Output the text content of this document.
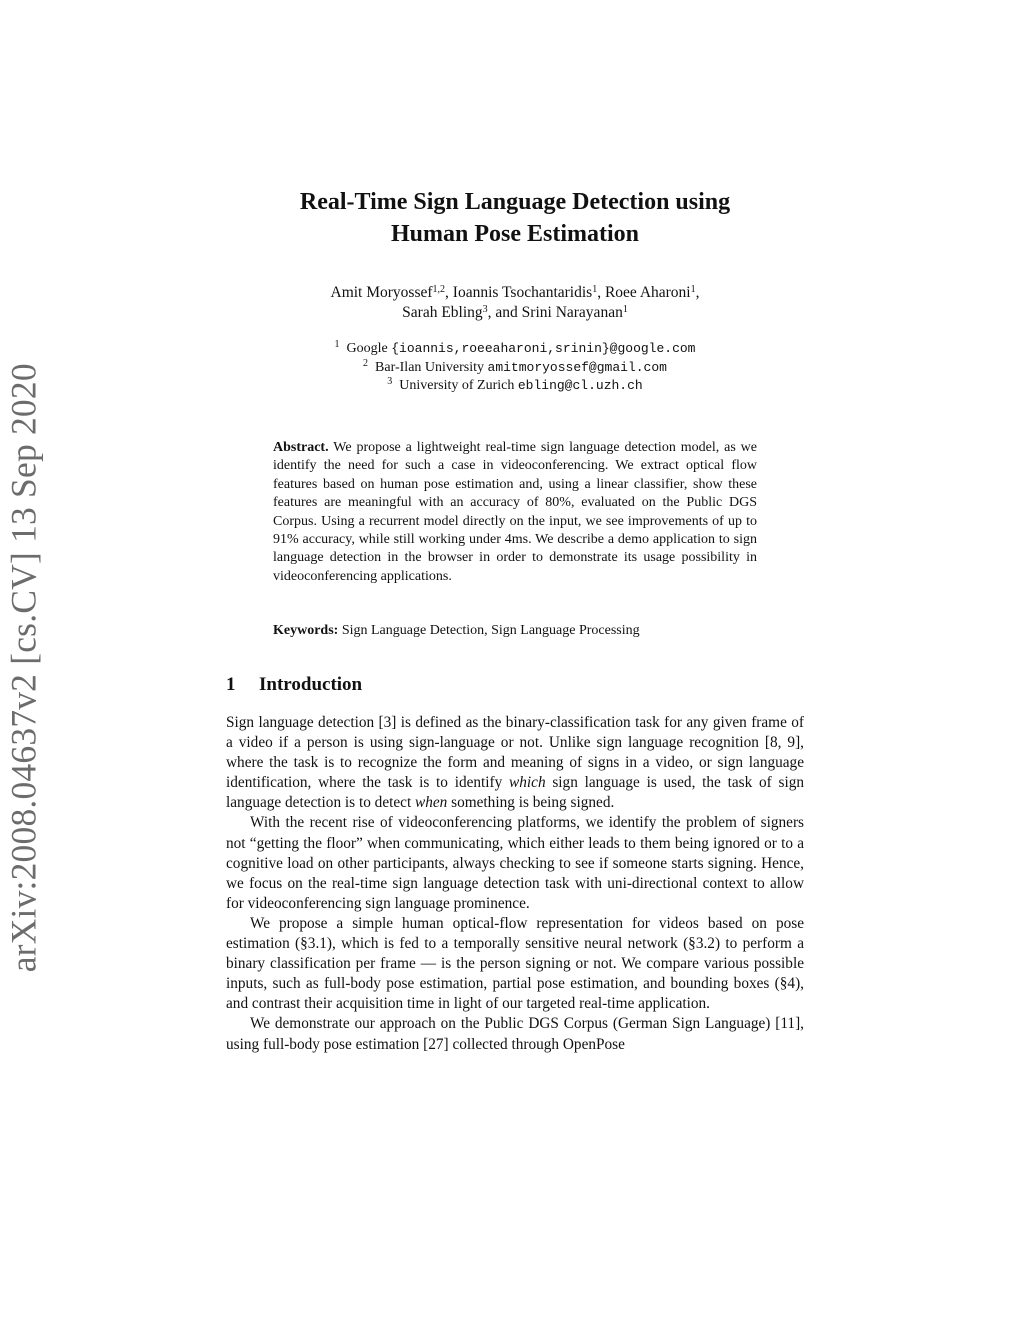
arXiv:2008.04637v2 [cs.CV] 13 Sep 2020
Real-Time Sign Language Detection using
Human Pose Estimation
Amit Moryossef$^{1,2}$, Ioannis Tsochantaridis$^1$, Roee Aharoni$^1$,
Sarah Ebling$^3$, and Srini Narayanan$^1$
$^1$ Google {ioannis,roeeaharoni,srinin}@google.com
$^2$ Bar-Ilan University amitmoryossef@gmail.com
$^3$ University of Zurich ebling@cl.uzh.ch
Abstract. We propose a lightweight real-time sign language detection model, as we identify the need for such a case in videoconferencing. We extract optical flow features based on human pose estimation and, using a linear classifier, show these features are meaningful with an accuracy of 80%, evaluated on the Public DGS Corpus. Using a recurrent model directly on the input, we see improvements of up to 91% accuracy, while still working under 4ms. We describe a demo application to sign language detection in the browser in order to demonstrate its usage possibility in videoconferencing applications.
Keywords: Sign Language Detection, Sign Language Processing
1 Introduction

Sign language detection [3] is defined as the binary-classification task for any given frame of a video if a person is using sign-language or not. Unlike sign language recognition [8, 9], where the task is to recognize the form and meaning of signs in a video, or sign language identification, where the task is to identify which sign language is used, the task of sign language detection is to detect when something is being signed.

With the recent rise of videoconferencing platforms, we identify the problem of signers not “getting the floor” when communicating, which either leads to them being ignored or to a cognitive load on other participants, always checking to see if someone starts signing. Hence, we focus on the real-time sign language detection task with uni-directional context to allow for videoconferencing sign language prominence.

We propose a simple human optical-flow representation for videos based on pose estimation (§3.1), which is fed to a temporally sensitive neural network (§3.2) to perform a binary classification per frame — is the person signing or not. We compare various possible inputs, such as full-body pose estimation, partial pose estimation, and bounding boxes (§4), and contrast their acquisition time in light of our targeted real-time application.

We demonstrate our approach on the Public DGS Corpus (German Sign Language) [11], using full-body pose estimation [27] collected through OpenPose
